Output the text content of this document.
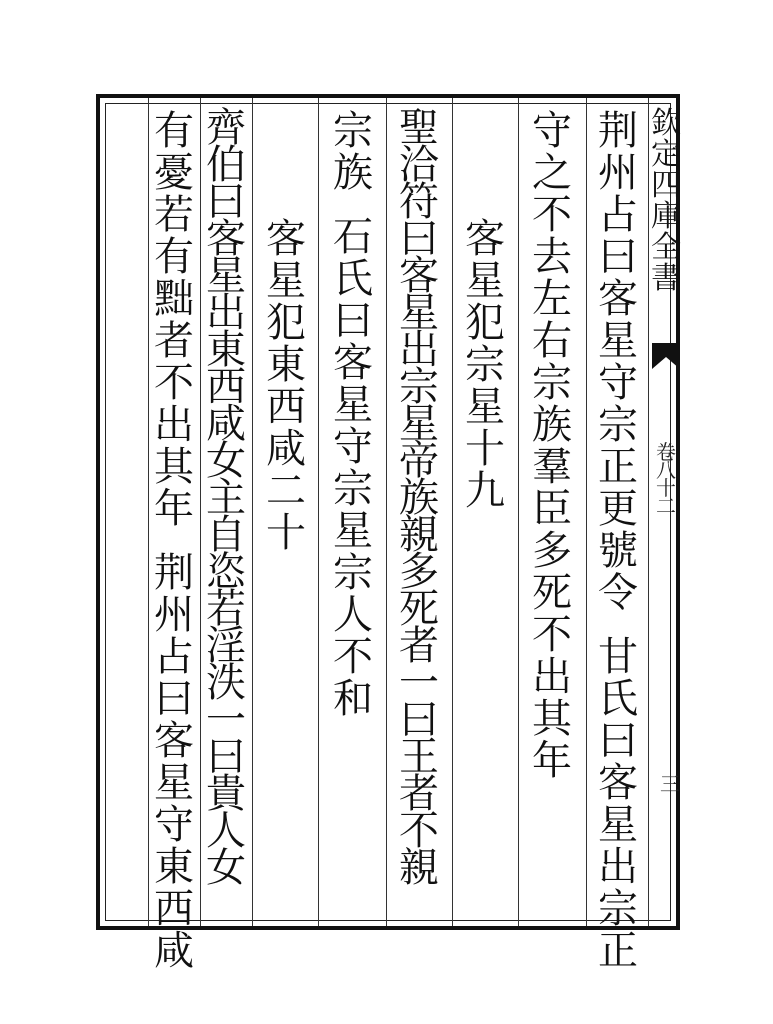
欽定四庫全書
卷八十二
三
荆
州
占
曰
客
星
守
宗
正
更
號
令
甘
氏
曰
客
星
出
宗
正
守
之
不
去
左
右
宗
族
羣
臣
多
死
不
出
其
年
客
星
犯
宗
星
十
九
聖
洽
符
曰
客
星
出
宗
星
帝
族
親
多
死
者
一
曰
王
者
不
親
宗
族
石
氏
曰
客
星
守
宗
星
宗
人
不
和
客
星
犯
東
西
咸
二
十
齊
伯
曰
客
星
出
東
西
咸
女
主
自
恣
若
淫
泆
一
曰
貴
人
女
有
憂
若
有
黜
者
不
出
其
年
荆
州
占
曰
客
星
守
東
西
咸
